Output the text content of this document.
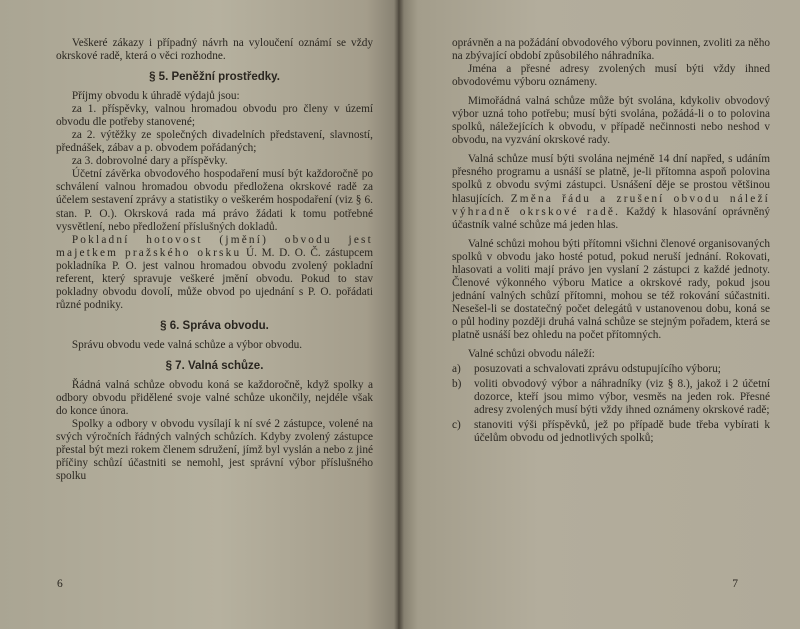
Veškeré zákazy i případný návrh na vyloučení oznámí se vždy okrskové radě, která o věci rozhodne.

§ 5. Peněžní prostředky.

Příjmy obvodu k úhradě výdajů jsou:

za 1. příspěvky, valnou hromadou obvodu pro členy v území obvodu dle potřeby stanovené;

za 2. výtěžky ze společných divadelních představení, slavností, přednášek, zábav a p. obvodem pořádaných;

za 3. dobrovolné dary a příspěvky.

Účetní závěrka obvodového hospodaření musí být každoročně po schválení valnou hromadou obvodu předložena okrskové radě za účelem sestavení zprávy a statistiky o veškerém hospodaření (viz § 6. stan. P. O.). Okrsková rada má právo žádati k tomu potřebné vysvětlení, nebo předložení příslušných dokladů.

Pokladní hotovost (jmění) obvodu jest majetkem pražského okrsku Ú. M. D. O. Č. zástupcem pokladníka P. O. jest valnou hromadou obvodu zvolený pokladní referent, který spravuje veškeré jmění obvodu. Pokud to stav pokladny obvodu dovolí, může obvod po ujednání s P. O. pořádati různé podniky.

§ 6. Správa obvodu.

Správu obvodu vede valná schůze a výbor obvodu.

§ 7. Valná schůze.

Řádná valná schůze obvodu koná se každoročně, když spolky a odbory obvodu přidělené svoje valné schůze ukončily, nejdéle však do konce února.

Spolky a odbory v obvodu vysílají k ní své 2 zástupce, volené na svých výročních řádných valných schůzích. Kdyby zvolený zástupce přestal být mezi rokem členem sdružení, jímž byl vyslán a nebo z jiné příčiny schůzí účastniti se nemohl, jest správní výbor příslušného spolku

6

oprávněn a na požádání obvodového výboru povinnen, zvoliti za něho na zbývající období způsobilého náhradníka.

Jména a přesné adresy zvolených musí býti vždy ihned obvodovému výboru oznámeny.

Mimořádná valná schůze může být svolána, kdykoliv obvodový výbor uzná toho potřebu; musí býti svolána, požádá-li o to polovina spolků, náležejících k obvodu, v případě nečinnosti nebo neshod v obvodu, na vyzvání okrskové rady.

Valná schůze musí býti svolána nejméně 14 dní napřed, s udáním přesného programu a usnáší se platně, je-li přítomna aspoň polovina spolků z obvodu svými zástupci. Usnášení děje se prostou většinou hlasujících. Změna řádu a zrušení obvodu náleží výhradně okrskové radě. Každý k hlasování oprávněný účastník valné schůze má jeden hlas.

Valné schůzi mohou býti přítomni všichni členové organisovaných spolků v obvodu jako hosté potud, pokud neruší jednání. Rokovati, hlasovati a voliti mají právo jen vyslaní 2 zástupci z každé jednoty. Členové výkonného výboru Matice a okrskové rady, pokud jsou jednání valných schůzí přítomni, mohou se též rokování súčastniti. Nesešel-li se dostatečný počet delegátů v ustanovenou dobu, koná se o půl hodiny později druhá valná schůze se stejným pořadem, která se platně usnáší bez ohledu na počet přítomných.

Valné schůzi obvodu náleží:

a)	posuzovati a schvalovati zprávu odstupujícího výboru;
b)	voliti obvodový výbor a náhradníky (viz § 8.), jakož i 2 účetní dozorce, kteří jsou mimo výbor, vesměs na jeden rok. Přesné adresy zvolených musí býti vždy ihned oznámeny okrskové radě;
c)	stanoviti výši příspěvků, jež po případě bude třeba vybírati k účelům obvodu od jednotlivých spolků;
7
